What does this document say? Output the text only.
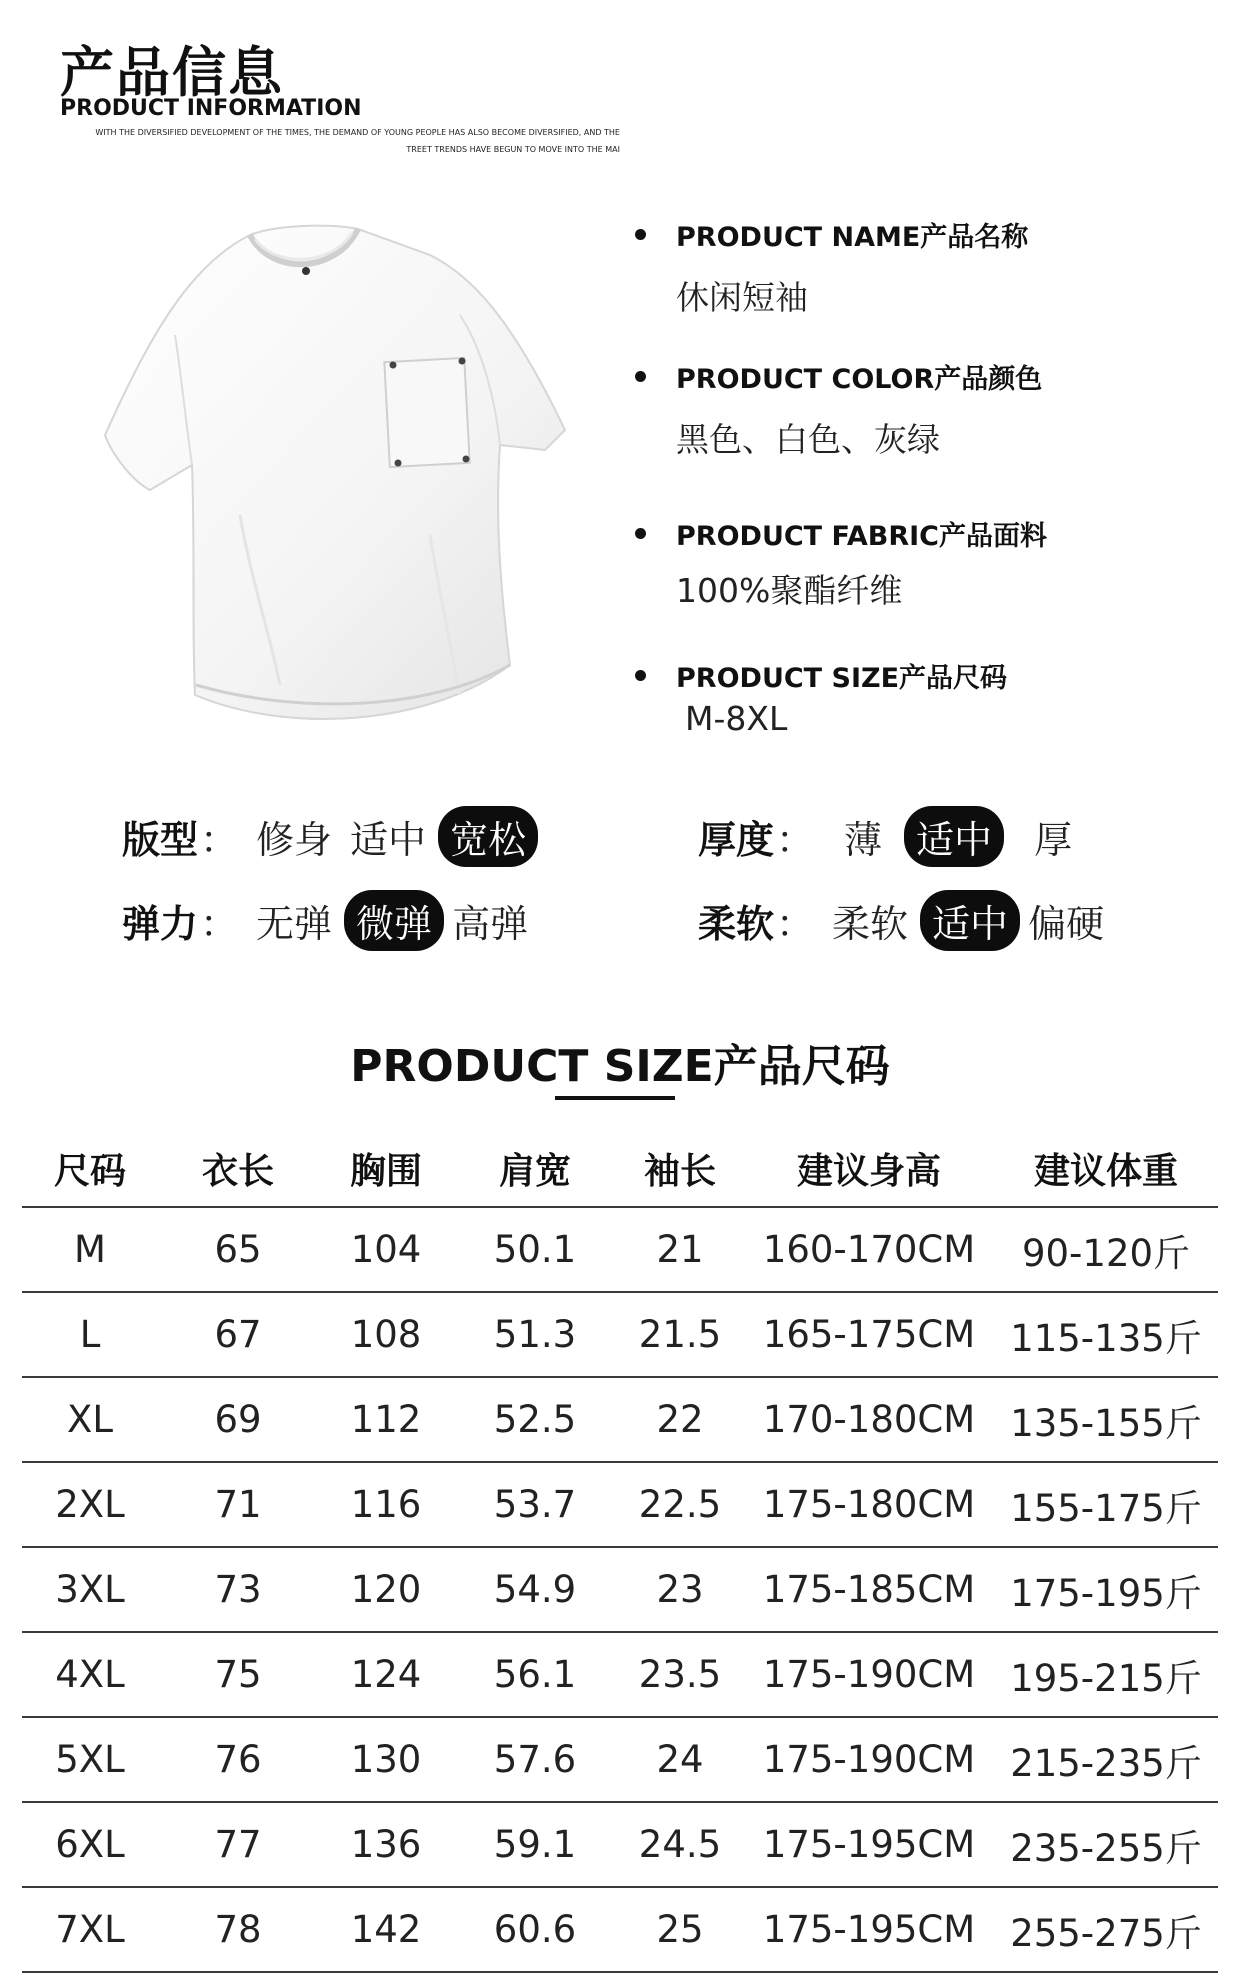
产品信息
PRODUCT INFORMATION
WITH THE DIVERSIFIED DEVELOPMENT OF THE TIMES, THE DEMAND OF YOUNG PEOPLE HAS ALSO BECOME DIVERSIFIED, AND THE
TREET TRENDS HAVE BEGUN TO MOVE INTO THE MAI
PRODUCT NAME产品名称
休闲短袖
PRODUCT COLOR产品颜色
黑色、白色、灰绿
PRODUCT FABRIC产品面料
100%聚酯纤维
PRODUCT SIZE产品尺码
M-8XL
版型 ： 修身 适中 宽松	厚度 ： 薄 适中	厚
弹力 ： 无弹 微弹 高弹	柔软 ： 柔软 适中 偏硬
PRODUCT SIZE产品尺码
尺码	衣长	胸围	肩宽	袖长	建议身高	建议体重
M	65	104	50.1	21	160-170CM	90-120斤
L	67	108	51.3	21.5	165-175CM 115-135斤
XL	69	112	52.5	22	170-180CM 135-155斤
2XL	71	116	53.7	22.5	175-180CM 155-175斤
3XL	73	120	54.9	23	175-185CM 175-195斤
4XL	75	124	56.1	23.5	175-190CM 195-215斤
5XL	76	130	57.6	24	175-190CM 215-235斤
6XL	77	136	59.1	24.5	175-195CM 235-255斤
7XL	78	142	60.6	25	175-195CM 255-275斤
